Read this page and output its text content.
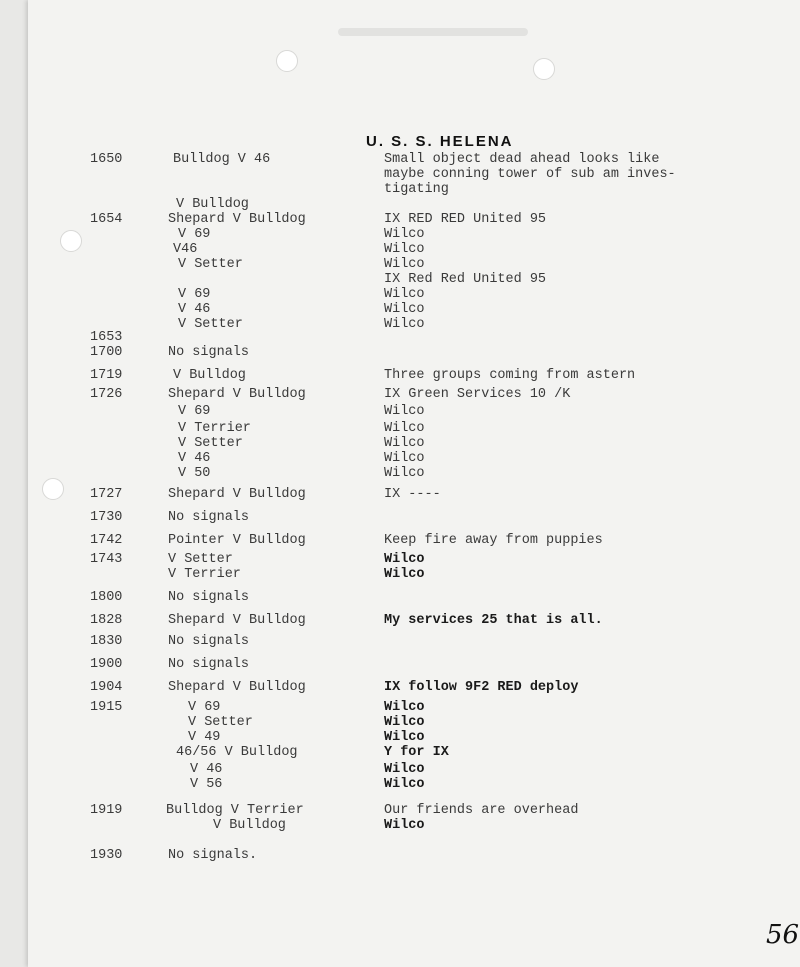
U. S. S. HELENA
1650	Bulldog V 46	Small object dead ahead looks like
maybe conning tower of sub am inves-
tigating
V Bulldog
1654	Shepard V Bulldog	IX RED RED United 95
V 69	Wilco
V46	Wilco
V Setter	Wilco
IX Red Red United 95
V 69	Wilco
V 46	Wilco
V Setter	Wilco
1653
1700	No signals
1719	V Bulldog	Three groups coming from astern
1726	Shepard V Bulldog	IX Green Services 10 /K
V 69	Wilco
V Terrier	Wilco
V Setter	Wilco
V 46	Wilco
V 50	Wilco
1727	Shepard V Bulldog	IX ----
1730	No signals
1742	Pointer V Bulldog	Keep fire away from puppies
1743	V Setter	Wilco
V Terrier	Wilco
1800	No signals
1828	Shepard V Bulldog	My services 25 that is all.
1830	No signals
1900	No signals
1904	Shepard V Bulldog	IX follow 9F2 RED deploy
1915	V 69	Wilco
V Setter	Wilco
V 49	Wilco
46/56 V Bulldog	Y for IX
V 46	Wilco
V 56	Wilco
1919	Bulldog V Terrier	Our friends are overhead
V Bulldog	Wilco
1930	No signals.
56
